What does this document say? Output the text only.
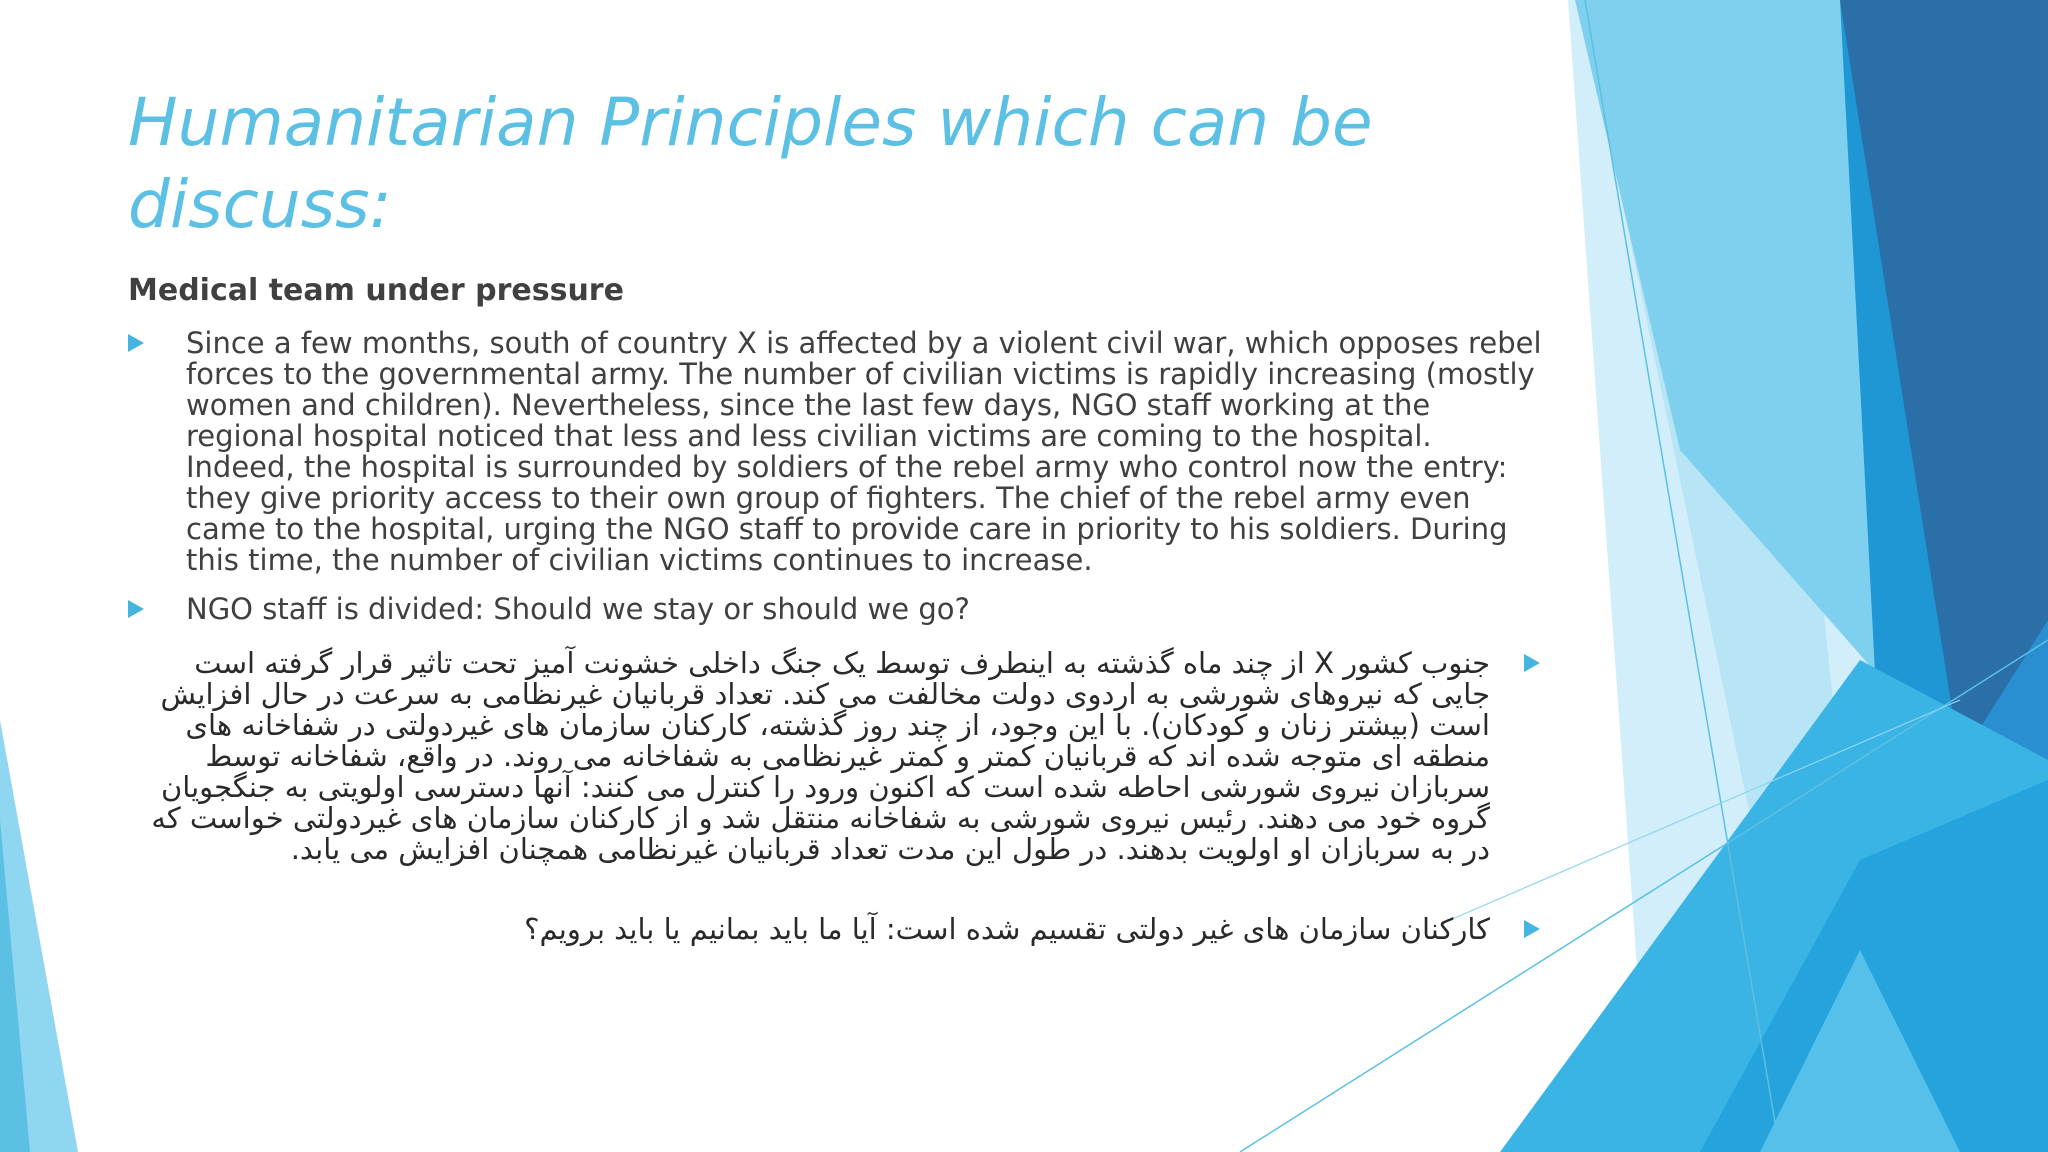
Humanitarian Principles which can be discuss:
Medical team under pressure
Since a few months, south of country X is affected by a violent civil war, which opposes rebel forces to the governmental army. The number of civilian victims is rapidly increasing (mostly women and children). Nevertheless, since the last few days, NGO staff working at the regional hospital noticed that less and less civilian victims are coming to the hospital. Indeed, the hospital is surrounded by soldiers of the rebel army who control now the entry: they give priority access to their own group of fighters. The chief of the rebel army even came to the hospital, urging the NGO staff to provide care in priority to his soldiers. During this time, the number of civilian victims continues to increase.
NGO staff is divided: Should we stay or should we go?
جنوب کشور X از چند ماه گذشته به اینطرف توسط یک جنگ داخلی خشونت آمیز تحت تاثیر قرار گرفته است جایی که نیروهای شورشی به اردوی دولت مخالفت می کند. تعداد قربانیان غیرنظامی به سرعت در حال افزایش است (بیشتر زنان و کودکان). با این وجود، از چند روز گذشته، کارکنان سازمان های غیردولتی در شفاخانه های منطقه ای متوجه شده اند که قربانیان کمتر و کمتر غیرنظامی به شفاخانه می روند. در واقع، شفاخانه توسط سربازان نیروی شورشی احاطه شده است که اکنون ورود را کنترل می کنند: آنها دسترسی اولویتی به جنگجویان گروه خود می دهند. رئیس نیروی شورشی به شفاخانه منتقل شد و از کارکنان سازمان های غیردولتی خواست که در به سربازان او اولویت بدهند. در طول این مدت تعداد قربانیان غیرنظامی همچنان افزایش می یابد.
کارکنان سازمان های غیر دولتی تقسیم شده است: آیا ما باید بمانیم یا باید برویم؟
